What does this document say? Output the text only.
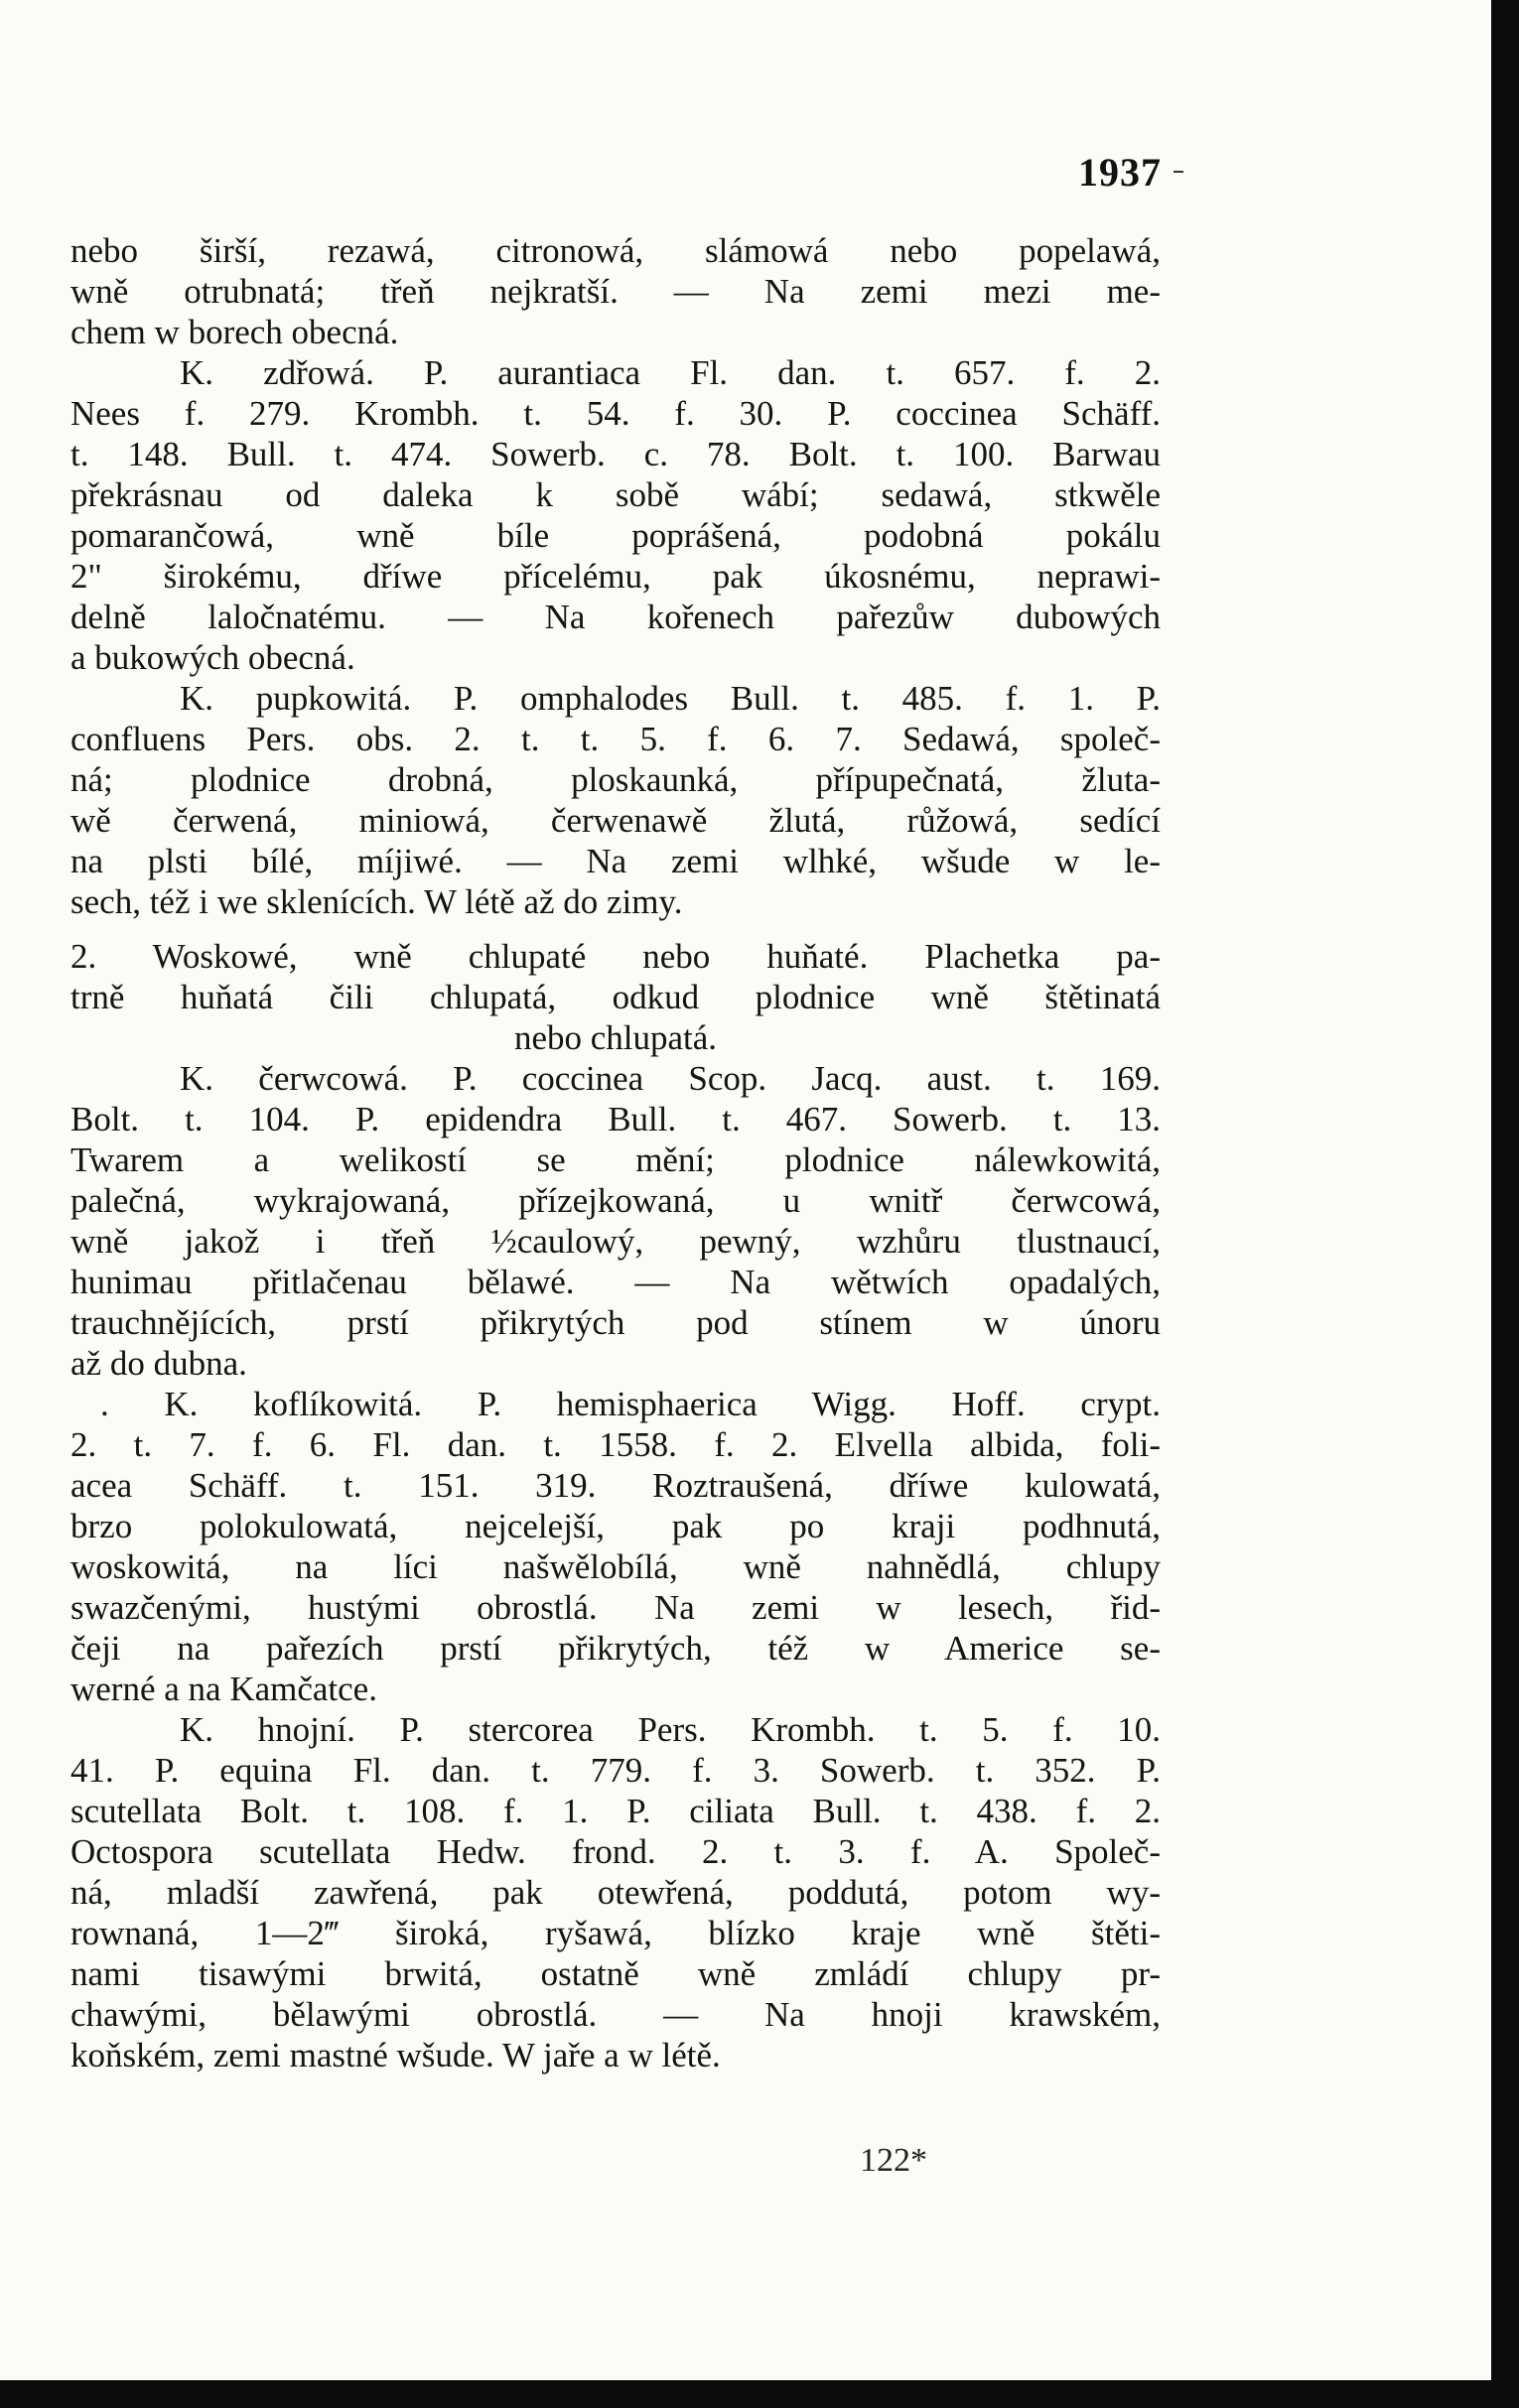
1937
nebo širší, rezawá, citronowá, slámowá nebo popelawá,
wně otrubnatá; třeň nejkratší. — Na zemi mezi me-
chem w borech obecná.
K. zdřowá. P. aurantiaca Fl. dan. t. 657. f. 2.
Nees f. 279. Krombh. t. 54. f. 30. P. coccinea Schäff.
t. 148. Bull. t. 474. Sowerb. c. 78. Bolt. t. 100. Barwau
překrásnau od daleka k sobě wábí; sedawá, stkwěle
pomarančowá, wně bíle poprášená, podobná pokálu
2" širokému, dříwe přícelému, pak úkosnému, neprawi-
delně laločnatému. — Na kořenech pařezůw dubowých
a bukowých obecná.
K. pupkowitá. P. omphalodes Bull. t. 485. f. 1. P.
confluens Pers. obs. 2. t. t. 5. f. 6. 7. Sedawá, společ-
ná; plodnice drobná, ploskaunká, přípupečnatá, žluta-
wě čerwená, miniowá, čerwenawě žlutá, růžowá, sedící
na plsti bílé, míjiwé. — Na zemi wlhké, wšude w le-
sech, též i we sklenících. W létě až do zimy.
2. Woskowé, wně chlupaté nebo huňaté. Plachetka pa-
trně huňatá čili chlupatá, odkud plodnice wně štětinatá
nebo chlupatá.
K. čerwcowá. P. coccinea Scop. Jacq. aust. t. 169.
Bolt. t. 104. P. epidendra Bull. t. 467. Sowerb. t. 13.
Twarem a welikostí se mění; plodnice nálewkowitá,
palečná, wykrajowaná, přízejkowaná, u wnitř čerwcowá,
wně jakož i třeň ½caulowý, pewný, wzhůru tlustnaucí,
hunimau přitlačenau bělawé. — Na wětwích opadalých,
trauchnějících, prstí přikrytých pod stínem w únoru
až do dubna.
. K. koflíkowitá. P. hemisphaerica Wigg. Hoff. crypt.
2. t. 7. f. 6. Fl. dan. t. 1558. f. 2. Elvella albida, foli-
acea Schäff. t. 151. 319. Roztraušená, dříwe kulowatá,
brzo polokulowatá, nejcelejší, pak po kraji podhnutá,
woskowitá, na líci našwělobílá, wně nahnědlá, chlupy
swazčenými, hustými obrostlá. Na zemi w lesech, řid-
čeji na pařezích prstí přikrytých, též w Americe se-
werné a na Kamčatce.
K. hnojní. P. stercorea Pers. Krombh. t. 5. f. 10.
41. P. equina Fl. dan. t. 779. f. 3. Sowerb. t. 352. P.
scutellata Bolt. t. 108. f. 1. P. ciliata Bull. t. 438. f. 2.
Octospora scutellata Hedw. frond. 2. t. 3. f. A. Společ-
ná, mladší zawřená, pak otewřená, poddutá, potom wy-
rownaná, 1—2‴ široká, ryšawá, blízko kraje wně štěti-
nami tisawými brwitá, ostatně wně zmládí chlupy pr-
chawými, bělawými obrostlá. — Na hnoji krawském,
koňském, zemi mastné wšude. W jaře a w létě.
122*
